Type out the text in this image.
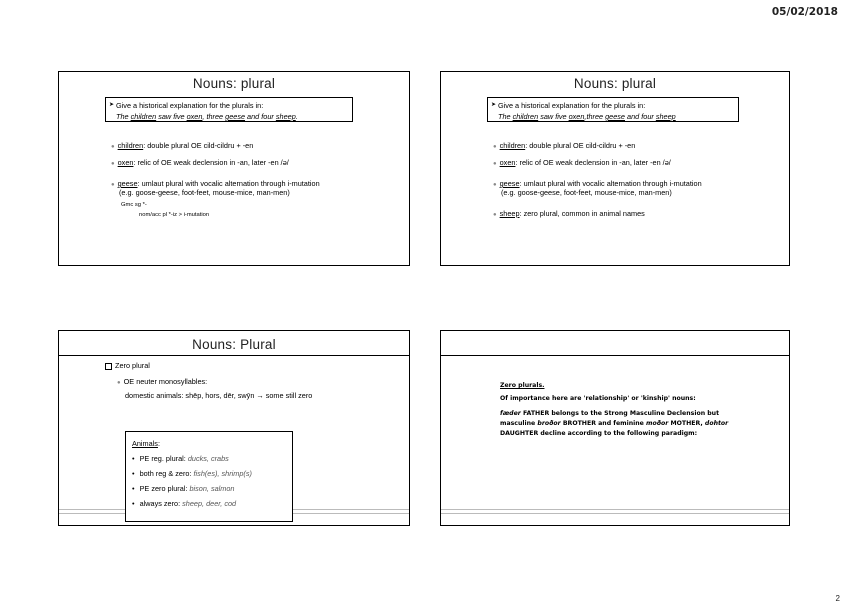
05/02/2018
Nouns: plural
➤ Give a historical explanation for the plurals in:
The children saw five oxen, three geese and four sheep.
● children: double plural OE cild-cildru + -en
● oxen: relic of OE weak declension in -an, later -en /ə/
● geese: umlaut plural with vocalic alternation through i-mutation
(e.g. goose-geese, foot-feet, mouse-mice, man-men)
Gmc sg *-
nom/acc pl *-iz > i-mutation
Nouns: plural
➤ Give a historical explanation for the plurals in:
The children saw five oxen,three geese and four sheep
● children: double plural OE cild-cildru + -en
● oxen: relic of OE weak declension in -an, later -en /ə/
● geese: umlaut plural with vocalic alternation through i-mutation
(e.g. goose-geese, foot-feet, mouse-mice, man-men)
● sheep: zero plural, common in animal names
Nouns: Plural
Zero plural
● OE neuter monosyllables:
domestic animals: shēp, hors, dēr, swȳn → some still zero
Animals:
• PE reg. plural: ducks, crabs
• both reg & zero: fish(es), shrimp(s)
• PE zero plural: bison, salmon
• always zero: sheep, deer, cod
Zero plurals.
Of importance here are 'relationship' or 'kinship' nouns:
fæder FATHER belongs to the Strong Masculine Declension but
masculine broðor BROTHER and feminine moðor MOTHER, dohtor
DAUGHTER decline according to the following paradigm:
2
